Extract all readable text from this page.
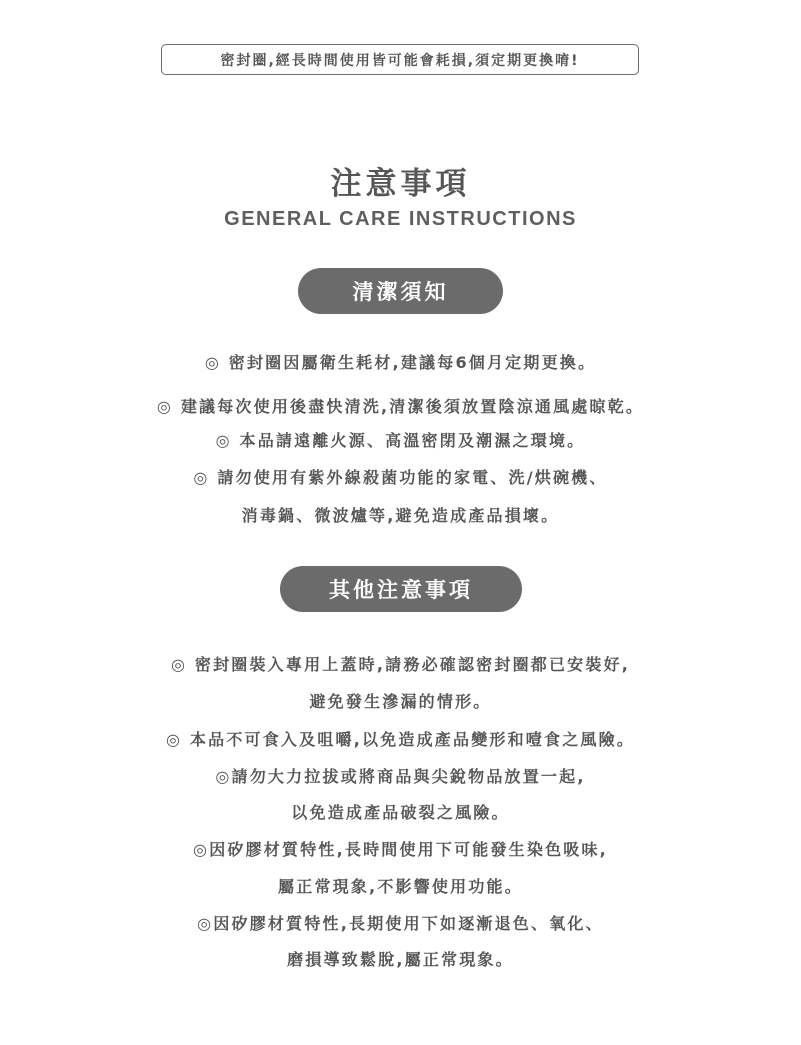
密封圈,經長時間使用皆可能會耗損,須定期更換唷!
注意事項
GENERAL CARE INSTRUCTIONS
清潔須知
◎ 密封圈因屬衛生耗材,建議每6個月定期更換。
◎ 建議每次使用後盡快清洗,清潔後須放置陰涼通風處晾乾。
◎ 本品請遠離火源、高溫密閉及潮濕之環境。
◎ 請勿使用有紫外線殺菌功能的家電、洗/烘碗機、
消毒鍋、微波爐等,避免造成產品損壞。
其他注意事項
◎ 密封圈裝入專用上蓋時,請務必確認密封圈都已安裝好,
避免發生滲漏的情形。
◎ 本品不可食入及咀嚼,以免造成產品變形和噎食之風險。
◎請勿大力拉拔或將商品與尖銳物品放置一起,
以免造成產品破裂之風險。
◎因矽膠材質特性,長時間使用下可能發生染色吸味,
屬正常現象,不影響使用功能。
◎因矽膠材質特性,長期使用下如逐漸退色、氧化、
磨損導致鬆脫,屬正常現象。
